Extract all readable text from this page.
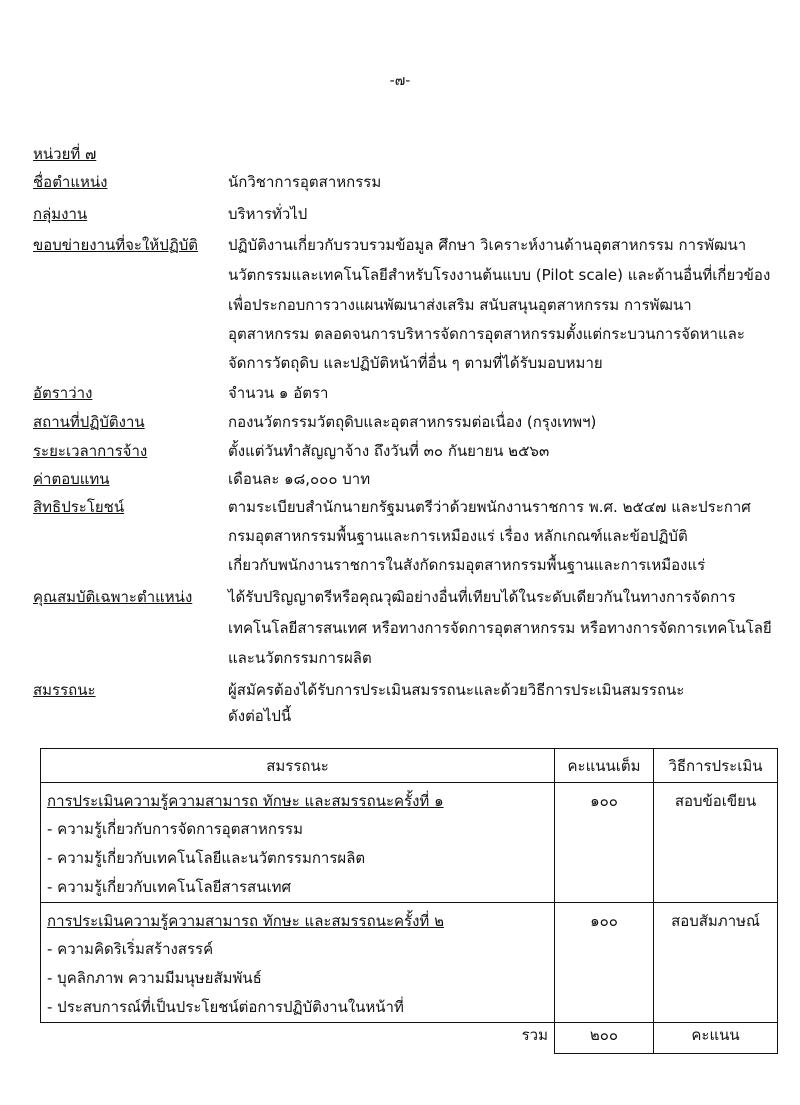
-๗-
หน่วยที่ ๗
ชื่อตำแหน่ง	นักวิชาการอุตสาหกรรม
กลุ่มงาน	บริหารทั่วไป
ขอบข่ายงานที่จะให้ปฏิบัติ ปฏิบัติงานเกี่ยวกับรวบรวมข้อมูล ศึกษา วิเคราะห์งานด้านอุตสาหกรรม การพัฒนา
นวัตกรรมและเทคโนโลยีสำหรับโรงงานต้นแบบ (Pilot scale) และด้านอื่นที่เกี่ยวข้อง
เพื่อประกอบการวางแผนพัฒนาส่งเสริม สนับสนุนอุตสาหกรรม การพัฒนา
อุตสาหกรรม ตลอดจนการบริหารจัดการอุตสาหกรรมตั้งแต่กระบวนการจัดหาและ
จัดการวัตถุดิบ และปฏิบัติหน้าที่อื่น ๆ ตามที่ได้รับมอบหมาย
อัตราว่าง	จำนวน ๑ อัตรา
สถานที่ปฏิบัติงาน	กองนวัตกรรมวัตถุดิบและอุตสาหกรรมต่อเนื่อง (กรุงเทพฯ)
ระยะเวลาการจ้าง	ตั้งแต่วันทำสัญญาจ้าง ถึงวันที่ ๓๐ กันยายน ๒๕๖๓
ค่าตอบแทน	เดือนละ ๑๘,๐๐๐ บาท
สิทธิประโยชน์	ตามระเบียบสำนักนายกรัฐมนตรีว่าด้วยพนักงานราชการ พ.ศ. ๒๕๔๗ และประกาศ
กรมอุตสาหกรรมพื้นฐานและการเหมืองแร่ เรื่อง หลักเกณฑ์และข้อปฏิบัติ
เกี่ยวกับพนักงานราชการในสังกัดกรมอุตสาหกรรมพื้นฐานและการเหมืองแร่
คุณสมบัติเฉพาะตำแหน่ง ได้รับปริญญาตรีหรือคุณวุฒิอย่างอื่นที่เทียบได้ในระดับเดียวกันในทางการจัดการ
เทคโนโลยีสารสนเทศ หรือทางการจัดการอุตสาหกรรม หรือทางการจัดการเทคโนโลยี
และนวัตกรรมการผลิต
สมรรถนะ	ผู้สมัครต้องได้รับการประเมินสมรรถนะและด้วยวิธีการประเมินสมรรถนะ
ดังต่อไปนี้
สมรรถนะ	คะแนนเต็ม	วิธีการประเมิน

การประเมินความรู้ความสามารถ ทักษะ และสมรรถนะครั้งที่ ๑
- ความรู้เกี่ยวกับการจัดการอุตสาหกรรม
- ความรู้เกี่ยวกับเทคโนโลยีและนวัตกรรมการผลิต
- ความรู้เกี่ยวกับเทคโนโลยีสารสนเทศ	๑๐๐	สอบข้อเขียน

การประเมินความรู้ความสามารถ ทักษะ และสมรรถนะครั้งที่ ๒
- ความคิดริเริ่มสร้างสรรค์
- บุคลิกภาพ ความมีมนุษยสัมพันธ์
- ประสบการณ์ที่เป็นประโยชน์ต่อการปฏิบัติงานในหน้าที่	๑๐๐	สอบสัมภาษณ์
รวม	๒๐๐	คะแนน
